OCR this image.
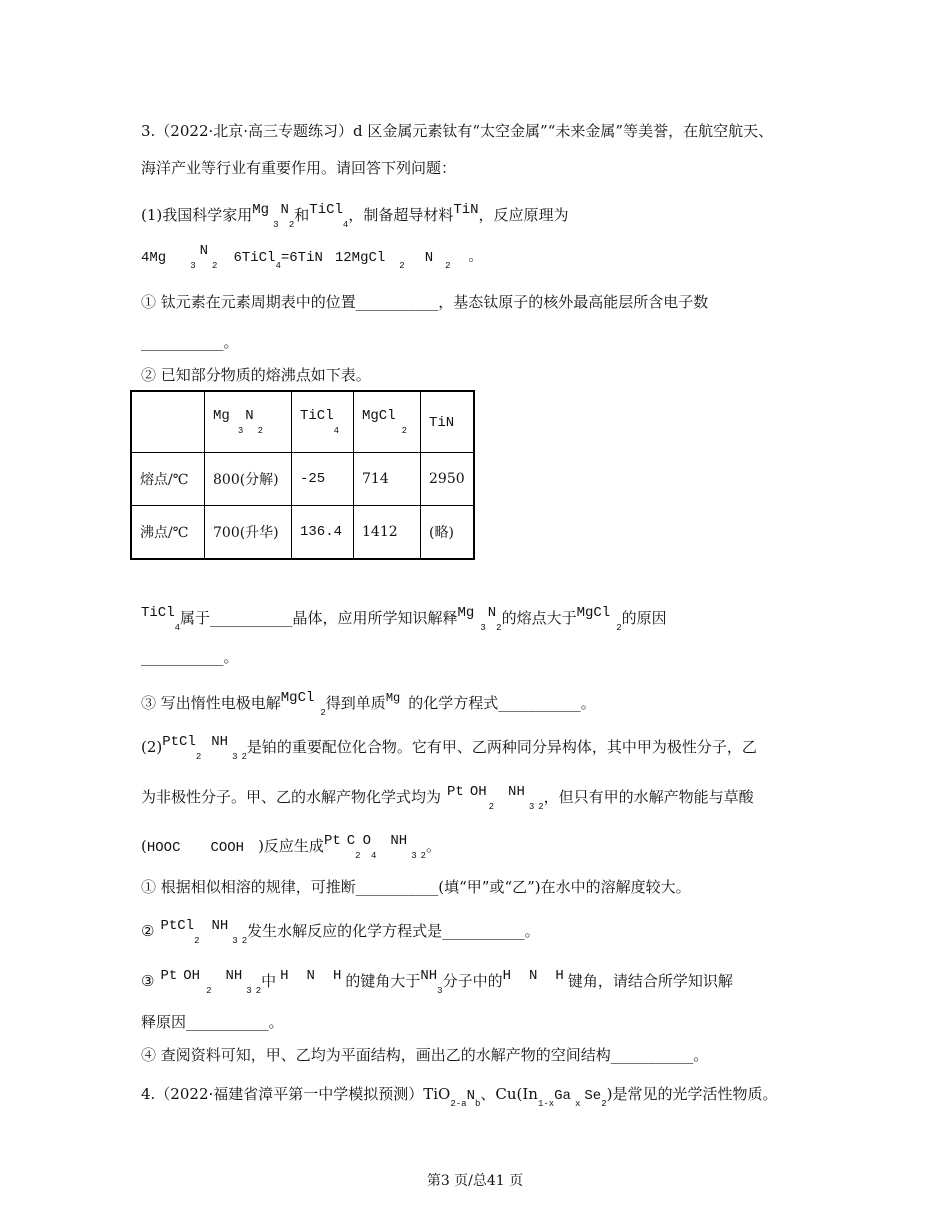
3.（2022·北京·高三专题练习）d 区金属元素钛有“太空金属”“未来金属”等美誉，在航空航天、
海洋产业等行业有重要作用。请回答下列问题：
(1)我国科学家用$Mg_3N_2$和TiCl$_4$，制备超导材料TiN，反应原理为
4Mg	$_3N_2$ 6TiCl$_4$=6TiN 12MgCl $_2$ N $_2$ 。
① 钛元素在元素周期表中的位置___________，基态钛原子的核外最高能层所含电子数
___________。
② 已知部分物质的熔沸点如下表。
	$Mg_3N_2$	TiCl$_4$	MgCl$_2$	TiN
熔点/℃	800(分解)	-25	714	2950
沸点/℃	700(升华)	136.4	1412	(略)
TiCl$_4$属于___________晶体，应用所学知识解释$Mg_3N_2$的熔点大于MgCl$_2$的原因
___________。
③ 写出惰性电极电解MgCl$_2$得到单质$^{Mg}$ 的化学方程式___________。
$(2)PtCl_2NH_3$ $_2$是铂的重要配位化合物。它有甲、乙两种同分异构体，其中甲为极性分子，乙
为非极性分子。甲、乙的水解产物化学式均为 Pt $OH_2NH_3$ $_2$，但只有甲的水解产物能与草酸
(HOOC COOH )反应生成Pt $C_2O_4NH_3$ $_2$。
① 根据相似相溶的规律，可推断___________(填“甲”或“乙”)在水中的溶解度较大。
② $PtCl_2NH_3$ $_2$发生水解反应的化学方程式是___________。
③ Pt $OH_2NH_3$ $_2$中 H N H 的键角大于$NH_3$分子中的H N H 键角，请结合所学知识解
释原因___________。
④ 查阅资料可知，甲、乙均为平面结构，画出乙的水解产物的空间结构___________。
4.（2022·福建省漳平第一中学模拟预测）$TiO_{2-a}N_b$、$Cu(In_{1-x}Ga$ $_x$ $Se_2$)是常见的光学活性物质。
第3 页/总41 页
